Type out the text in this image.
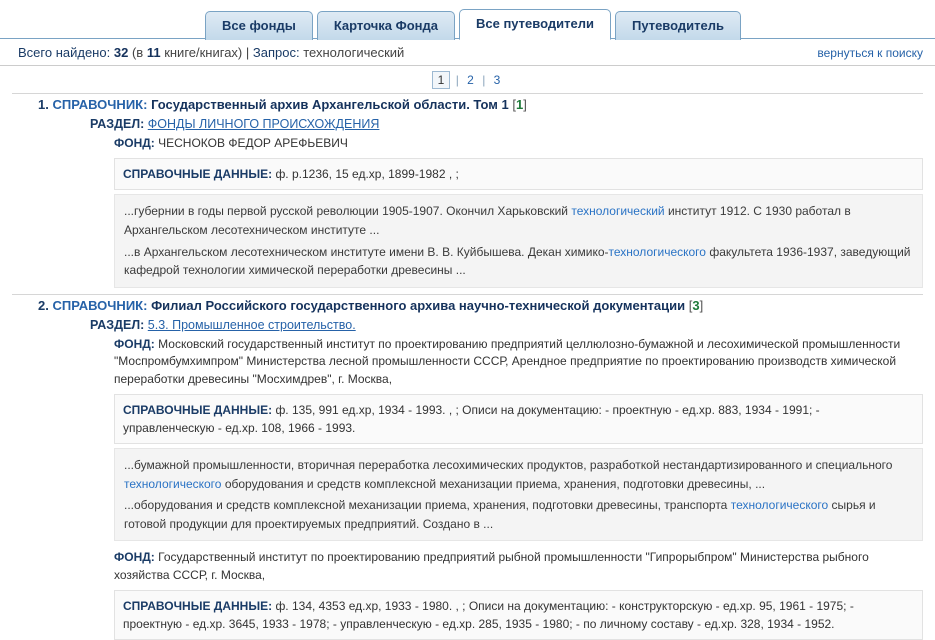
Все фонды	Карточка Фонда	Все путеводители	Путеводитель
Всего найдено: 32 (в 11 книге/книгах) | Запрос: технологический	вернуться к поиску
1 | 2 | 3
1. СПРАВОЧНИК: Государственный архив Архангельской области. Том 1 [1]
РАЗДЕЛ: ФОНДЫ ЛИЧНОГО ПРОИСХОЖДЕНИЯ
ФОНД: ЧЕСНОКОВ ФЕДОР АРЕФЬЕВИЧ
СПРАВОЧНЫЕ ДАННЫЕ: ф. р.1236, 15 ед.хр, 1899-1982 , ;

...губернии в годы первой русской революции 1905-1907. Окончил Харьковский технологический институт 1912. С 1930 работал в Архангельском лесотехническом институте ...

...в Архангельском лесотехническом институте имени В. В. Куйбышева. Декан химико-технологического факультета 1936-1937, заведующий кафедрой технологии химической переработки древесины ...

2. СПРАВОЧНИК: Филиал Российского государственного архива научно-технической документации [3]
РАЗДЕЛ: 5.3. Промышленное строительство.
ФОНД: Московский государственный институт по проектированию предприятий целлюлозно-бумажной и лесохимической промышленности "Моспромбумхимпром" Министерства лесной промышленности СССР, Арендное предприятие по проектированию производств химической переработки древесины "Мосхимдрев", г. Москва,
СПРАВОЧНЫЕ ДАННЫЕ: ф. 135, 991 ед.хр, 1934 - 1993. , ; Описи на документацию: - проектную - ед.хр. 883, 1934 - 1991; - управленческую - ед.хр. 108, 1966 - 1993.

...бумажной промышленности, вторичная переработка лесохимических продуктов, разработкой нестандартизированного и специального технологического оборудования и средств комплексной механизации приема, хранения, подготовки древесины, ...

...оборудования и средств комплексной механизации приема, хранения, подготовки древесины, транспорта технологического сырья и готовой продукции для проектируемых предприятий. Создано в ...

ФОНД: Государственный институт по проектированию предприятий рыбной промышленности "Гипрорыбпром" Министерства рыбного хозяйства СССР, г. Москва,
СПРАВОЧНЫЕ ДАННЫЕ: ф. 134, 4353 ед.хр, 1933 - 1980. , ; Описи на документацию: - конструкторскую - ед.хр. 95, 1961 - 1975; - проектную - ед.хр. 3645, 1933 - 1978; - управленческую - ед.хр. 285, 1935 - 1980; - по личному составу - ед.хр. 328, 1934 - 1952.
